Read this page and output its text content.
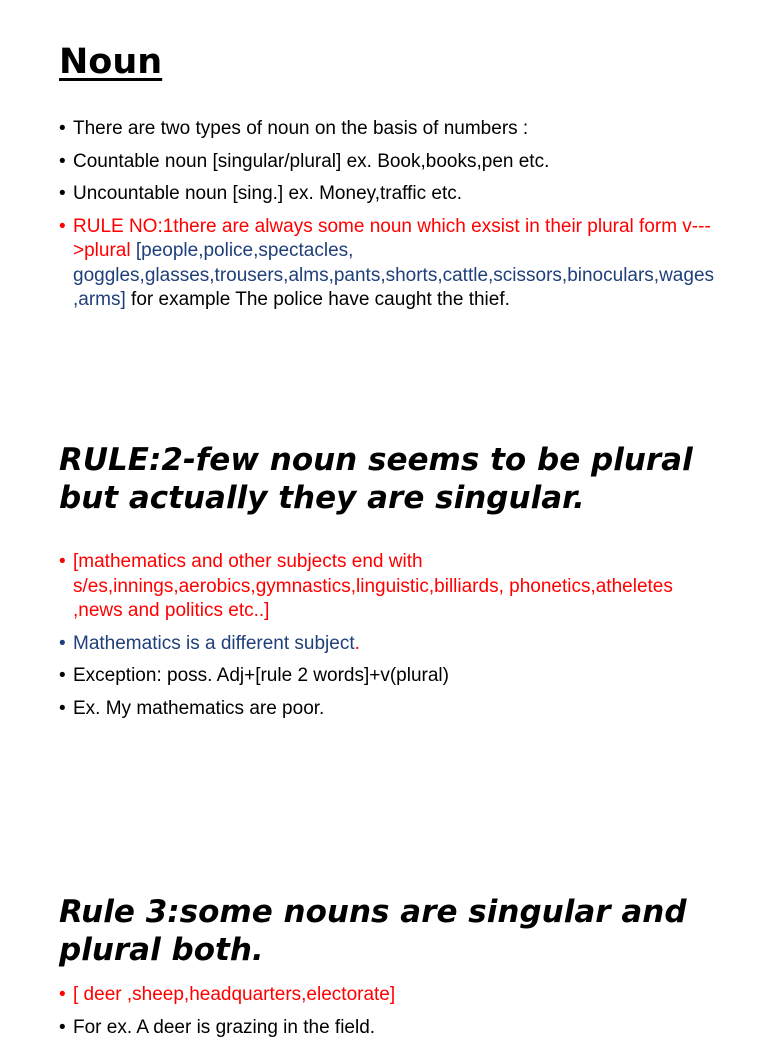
Noun
• There are two types of noun on the basis of numbers :
• Countable noun [singular/plural] ex. Book,books,pen etc.
• Uncountable noun [sing.] ex. Money,traffic etc.
• RULE NO:1there are always some noun which exsist in their plural form v--->plural [people,police,spectacles, goggles,glasses,trousers,alms,pants,shorts,cattle,scissors,binoculars,wages,arms] for example The police have caught the thief.
RULE:2-few noun seems to be plural but actually they are singular.
• [mathematics and other subjects end with s/es,innings,aerobics,gymnastics,linguistic,billiards, phonetics,atheletes ,news and politics etc..]
• Mathematics is a different subject.
• Exception: poss. Adj+[rule 2 words]+v(plural)
• Ex. My mathematics are poor.
Rule 3:some nouns are singular and plural both.
• [ deer ,sheep,headquarters,electorate]
• For ex. A deer is grazing in the field.
